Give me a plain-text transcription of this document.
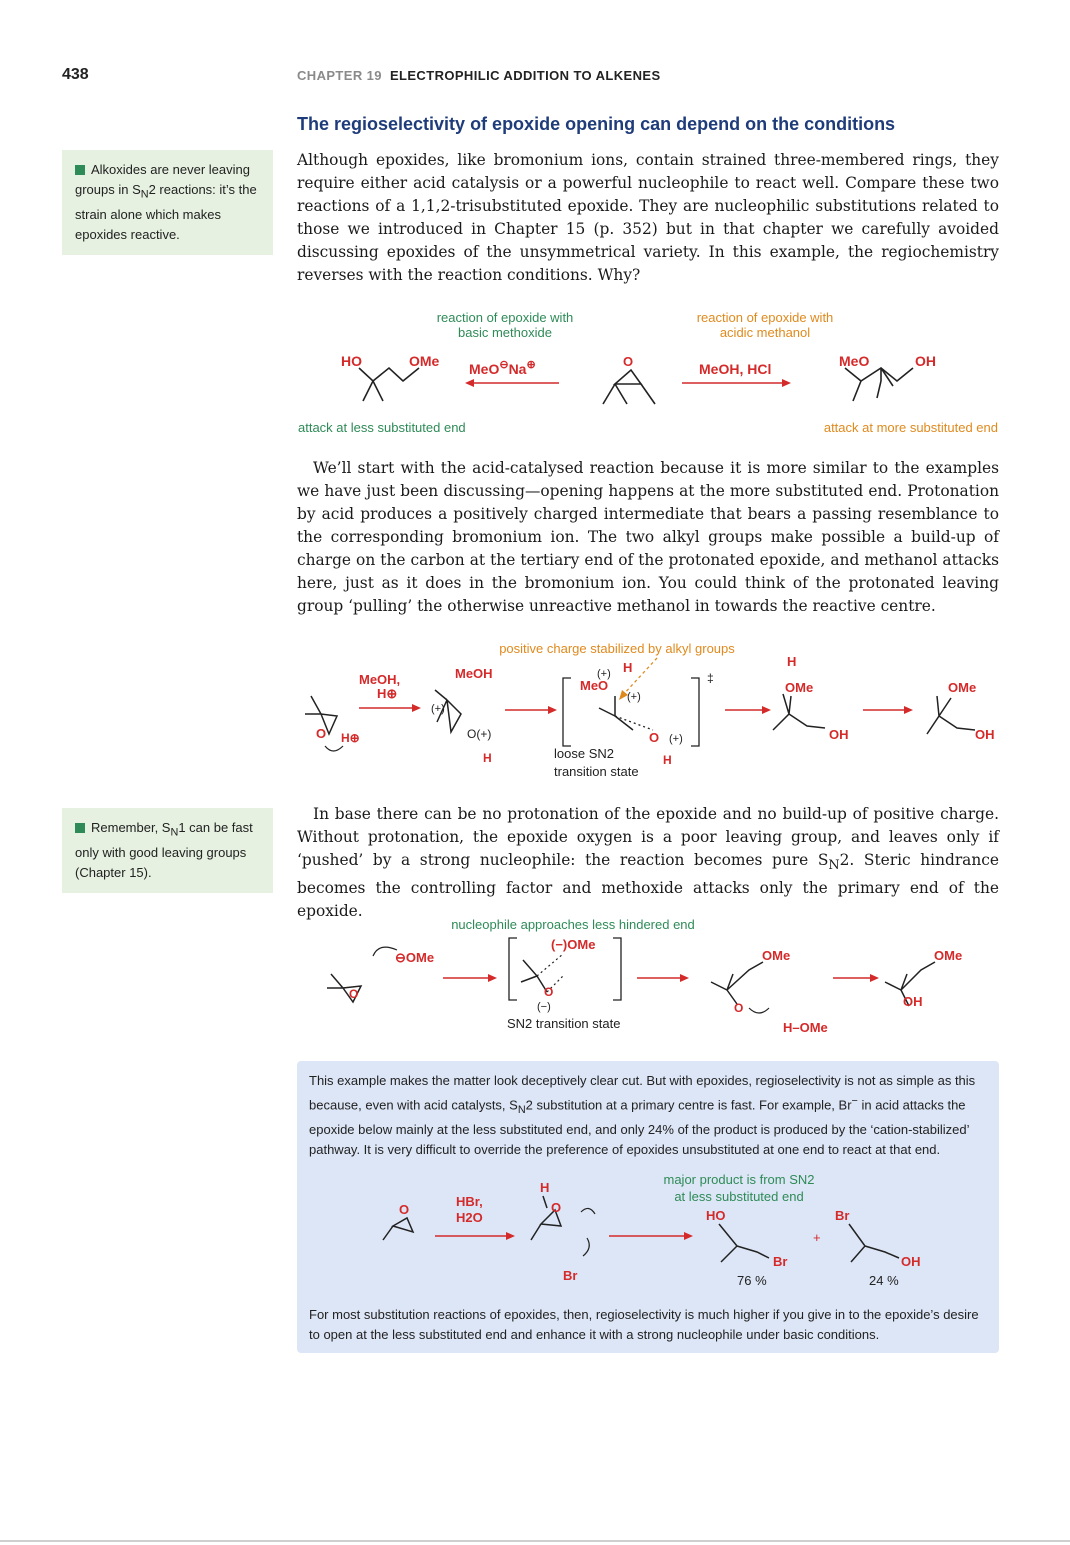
438	CHAPTER 19 ELECTROPHILIC ADDITION TO ALKENES
The regioselectivity of epoxide opening can depend on the conditions
Alkoxides are never leaving groups in $S_N2$ reactions: it’s the strain alone which makes epoxides reactive.
Remember, $S_N1$ can be fast only with good leaving groups (Chapter 15).

Although epoxides, like bromonium ions, contain strained three-membered rings, they require either acid catalysis or a powerful nucleophile to react well. Compare these two reactions of a 1,1,2-trisubstituted epoxide. They are nucleophilic substitutions related to those we introduced in Chapter 15 (p. 352) but in that chapter we carefully avoided discussing epoxides of the unsymmetrical variety. In this example, the regiochemistry reverses with the reaction conditions. Why?

reaction of epoxide with
basic methoxide
reaction of epoxide with
acidic methanol
HO	OMe MeO⊖Na⊕	O	MeOH, HCl	MeO	OH
attack at less substituted end	attack at more substituted end

We’ll start with the acid-catalysed reaction because it is more similar to the examples we have just been discussing—opening happens at the more substituted end. Protonation by acid produces a positively charged intermediate that bears a passing resemblance to the corresponding bromonium ion. The two alkyl groups make possible a build-up of charge on the carbon at the tertiary end of the protonated epoxide, and methanol attacks here, just as it does in the bromonium ion. You could think of the protonated leaving group ‘pulling’ the otherwise unreactive methanol in towards the reactive centre.

positive charge stabilized by alkyl groups
O H⊕
MeOH,
H⊕
MeOH
(+)
O(+)
H
‡
MeO
H
(+)
(+)
O (+)
H
loose SN2
transition state
H
OMe
OH
OMe
OH

In base there can be no protonation of the epoxide and no build-up of positive charge. Without protonation, the epoxide oxygen is a poor leaving group, and leaves only if ‘pushed’ by a strong nucleophile: the reaction becomes pure $S_N2$. Steric hindrance becomes the controlling factor and methoxide attacks only the primary end of the epoxide.

nucleophile approaches less hindered end
O
⊖OMe
(−)OMe
O
(−)
SN2 transition state
OMe
O
H–OMe
OMe
OH

This example makes the matter look deceptively clear cut. But with epoxides, regioselectivity is not as simple as this because, even with acid catalysts, $S_N2$ substitution at a primary centre is fast. For example, Br− in acid attacks the epoxide below mainly at the less substituted end, and only 24% of the product is produced by the ‘cation-stabilized’ pathway. It is very difficult to override the preference of epoxides unsubstituted at one end to react at that end.

O
HBr,
H2O
H
O
Br
major product is from SN2
at less substituted end
HO
Br
76 %
+
Br
OH
24 %

For most substitution reactions of epoxides, then, regioselectivity is much higher if you give in to the epoxide’s desire to open at the less substituted end and enhance it with a strong nucleophile under basic conditions.
